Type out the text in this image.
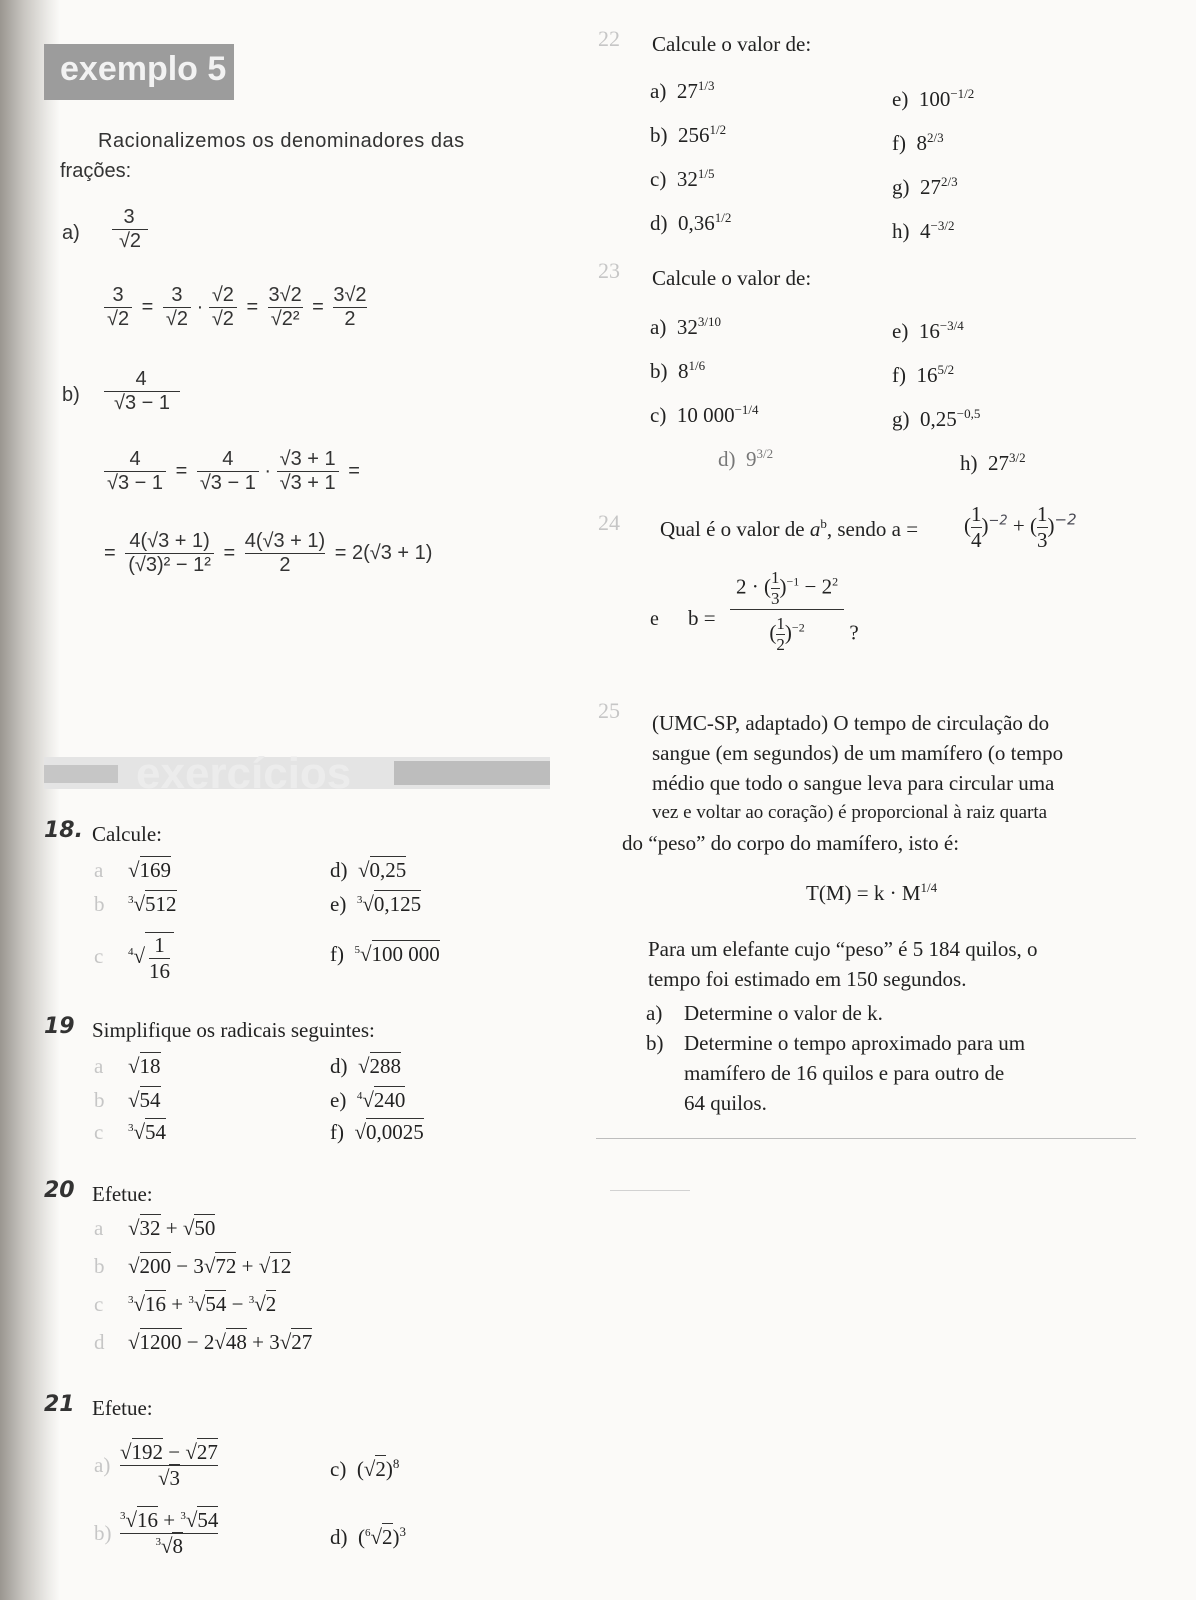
exemplo 5
Racionalizemos os denominadores das
frações:
a)
3
√2
$\frac{3}{√2} = \frac{3}{√2} \cdot \frac{√2}{√2} = \frac{3√2}{\text{√2²}} = \frac{3√2}{2}$
b)
4
√3 − 1
$\frac{4}{√3 - 1} = \frac{4}{√3 - 1} \cdot \frac{√3 + 1}{√3 + 1}$ =
= $\frac{4(√3 + 1)}{\text{(√3)² − 1²}} = \frac{4(√3 + 1)}{2} = 2(√3 + 1)$
exercícios
18. Calcule:
a √169
b $^3$√512
c $^4√ \frac{1}{16}$
d)  √0,25
e)  $^3$√0,125
f)  $^5$√100 000
19 Simplifique os radicais seguintes:
a √18
b √54
c $^3$√54
d)  √288
e)  $^4$√240
f)  √0,0025
20 Efetue:
a √32 + √50
b √200 − 3√72 + √12
c $^3$√16 + $^3$√54 − $^3$√2
d √1200 − 2√48 + 3√27
21 Efetue:
$a) \frac{√192 - √27}{√3}$
$b) \frac{^3√16 + ^3√54}{^3√8}$
c)  $(√2)^8$
d)  $(^6√2)^3$
22 Calcule o valor de:
a)  $27^{1/3}$
b)  $256^{1/2}$
c)  $32^{1/5}$
d)  $0,36^{1/2}$
e)  $100^{-1/2}$
f)  $8^{2/3}$
g)  $27^{2/3}$
h)  $4^{-3/2}$
23 Calcule o valor de:
a)  $32^{3/10}$
b)  $8^{1/6}$
c)  10 $000^{-1/4}$
d)  $9^{3/2}$
e)  $16^{-3/4}$
f)  $16^{5/2}$
g)  $0,25^{-0,5}$
h)  $27^{3/2}$
24 Qual é o valor de $a^b$, sendo a = ( $\frac{1}{4} )^{-2}$ + ( $\frac{1}{3} )^{-2}$
e $b = \frac{2 \cdot ( \frac{1}{3} )^{-1} - 2^2}{( \frac{1}{2} )^{-2}}$ ?
25 (UMC-SP, adaptado) O tempo de circulação do
sangue (em segundos) de um mamífero (o tempo
médio que todo o sangue leva para circular uma
vez e voltar ao coração) é proporcional à raiz quarta
do “peso” do corpo do mamífero, isto é:
$T(M) = k \cdot M^{1/4}$
Para um elefante cujo “peso” é 5 184 quilos, o
tempo foi estimado em 150 segundos.
a) Determine o valor de k.
b) Determine o tempo aproximado para um
mamífero de 16 quilos e para outro de
64 quilos.
